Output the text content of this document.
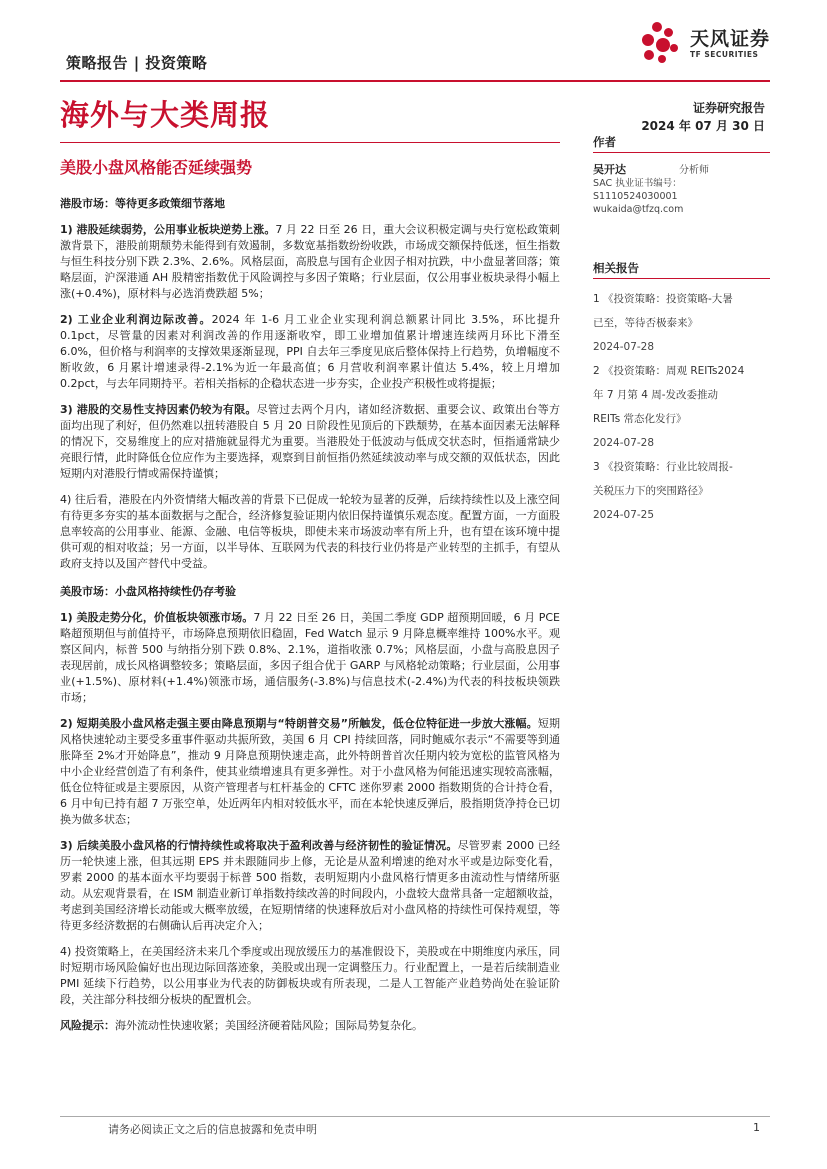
策略报告 | 投资策略
天风证券
TF SECURITIES
海外与大类周报	证券研究报告
2024 年 07 月 30 日
美股小盘风格能否延续强势
港股市场：等待更多政策细节落地

1) 港股延续弱势，公用事业板块逆势上涨。7 月 22 日至 26 日，重大会议积极定调与央行宽松政策刺激背景下，港股前期颓势未能得到有效遏制，多数宽基指数纷纷收跌，市场成交额保持低迷，恒生指数与恒生科技分别下跌 2.3%、2.6%。风格层面，高股息与国有企业因子相对抗跌，中小盘显著回落；策略层面，沪深港通 AH 股精密指数优于风险调控与多因子策略；行业层面，仅公用事业板块录得小幅上涨(+0.4%)，原材料与必选消费跌超 5%；

2) 工业企业利润边际改善。2024 年 1-6 月工业企业实现利润总额累计同比 3.5%，环比提升 0.1pct，尽管量的因素对利润改善的作用逐渐收窄，即工业增加值累计增速连续两月环比下滑至 6.0%，但价格与利润率的支撑效果逐渐显现，PPI 自去年三季度见底后整体保持上行趋势，负增幅度不断收敛，6 月累计增速录得-2.1%为近一年最高值；6 月营收利润率累计值达 5.4%，较上月增加 0.2pct，与去年同期持平。若相关指标的企稳状态进一步夯实，企业投产积极性或将提振；

3) 港股的交易性支持因素仍较为有限。尽管过去两个月内，诸如经济数据、重要会议、政策出台等方面均出现了利好，但仍然难以扭转港股自 5 月 20 日阶段性见顶后的下跌颓势，在基本面因素无法解释的情况下，交易维度上的应对措施就显得尤为重要。当港股处于低波动与低成交状态时，恒指通常缺少亮眼行情，此时降低仓位应作为主要选择，观察到目前恒指仍然延续波动率与成交额的双低状态，因此短期内对港股行情或需保持谨慎；

4) 往后看，港股在内外资情绪大幅改善的背景下已促成一轮较为显著的反弹，后续持续性以及上涨空间有待更多夯实的基本面数据与之配合，经济修复验证期内依旧保持谨慎乐观态度。配置方面，一方面股息率较高的公用事业、能源、金融、电信等板块，即使未来市场波动率有所上升，也有望在该环境中提供可观的相对收益；另一方面，以半导体、互联网为代表的科技行业仍将是产业转型的主抓手，有望从政府支持以及国产替代中受益。

美股市场：小盘风格持续性仍存考验

1) 美股走势分化，价值板块领涨市场。7 月 22 日至 26 日，美国二季度 GDP 超预期回暖，6 月 PCE 略超预期但与前值持平，市场降息预期依旧稳固，Fed Watch 显示 9 月降息概率维持 100%水平。观察区间内，标普 500 与纳指分别下跌 0.8%、2.1%，道指收涨 0.7%；风格层面，小盘与高股息因子表现居前，成长风格调整较多；策略层面，多因子组合优于 GARP 与风格轮动策略；行业层面，公用事业(+1.5%)、原材料(+1.4%)领涨市场，通信服务(-3.8%)与信息技术(-2.4%)为代表的科技板块领跌市场；

2) 短期美股小盘风格走强主要由降息预期与“特朗普交易”所触发，低仓位特征进一步放大涨幅。短期风格快速轮动主要受多重事件驱动共振所致，美国 6 月 CPI 持续回落，同时鲍威尔表示“不需要等到通胀降至 2%才开始降息”，推动 9 月降息预期快速走高，此外特朗普首次任期内较为宽松的监管风格为中小企业经营创造了有利条件，使其业绩增速具有更多弹性。对于小盘风格为何能迅速实现较高涨幅，低仓位特征或是主要原因，从资产管理者与杠杆基金的 CFTC 迷你罗素 2000 指数期货的合计持仓看，6 月中旬已持有超 7 万张空单，处近两年内相对较低水平，而在本轮快速反弹后，股指期货净持仓已切换为做多状态；

3) 后续美股小盘风格的行情持续性或将取决于盈利改善与经济韧性的验证情况。尽管罗素 2000 已经历一轮快速上涨，但其远期 EPS 并未跟随同步上修，无论是从盈利增速的绝对水平或是边际变化看，罗素 2000 的基本面水平均要弱于标普 500 指数，表明短期内小盘风格行情更多由流动性与情绪所驱动。从宏观背景看，在 ISM 制造业新订单指数持续改善的时间段内，小盘较大盘常具备一定超额收益，考虑到美国经济增长动能或大概率放缓，在短期情绪的快速释放后对小盘风格的持续性可保持观望，等待更多经济数据的右侧确认后再决定介入；

4) 投资策略上，在美国经济未来几个季度或出现放缓压力的基准假设下，美股或在中期维度内承压，同时短期市场风险偏好也出现边际回落迹象，美股或出现一定调整压力。行业配置上，一是若后续制造业 PMI 延续下行趋势，以公用事业为代表的防御板块或有所表现，二是人工智能产业趋势尚处在验证阶段，关注部分科技细分板块的配置机会。

风险提示：海外流动性快速收紧；美国经济硬着陆风险；国际局势复杂化。

作者
吴开达	分析师
SAC 执业证书编号：
S1110524030001
wukaida@tfzq.com
相关报告
1 《投资策略：投资策略-大暑
已至，等待否极泰来》
2024-07-28
2 《投资策略：周观 REITs2024
年 7 月第 4 周-发改委推动
REITs 常态化发行》
2024-07-28
3 《投资策略：行业比较周报-
关税压力下的突围路径》
2024-07-25
请务必阅读正文之后的信息披露和免责申明	1
